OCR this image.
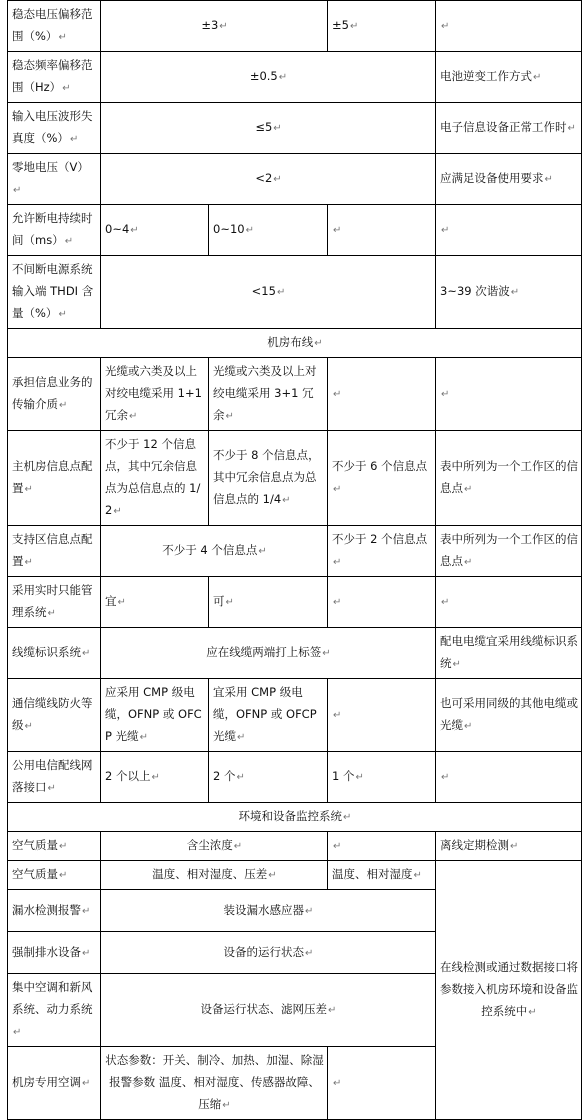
稳态电压偏移范围（%）↵	±3↵		±5↵	↵
稳态频率偏移范围（Hz）↵	±0.5↵			电池逆变工作方式↵
输入电压波形失真度（%）↵	≤5↵			电子信息设备正常工作时↵
零地电压（V）↵	<2↵			应满足设备使用要求↵
允许断电持续时间（ms）↵	0~4↵	0~10↵	↵	↵
不间断电源系统输入端 THDI 含量（%）↵	<15↵			3~39 次谐波↵
机房布线↵				
承担信息业务的传输介质↵	光缆或六类及以上对绞电缆采用 1+1 冗余↵	光缆或六类及以上对绞电缆采用 3+1 冗余↵	↵	↵
主机房信息点配置↵	不少于 12 个信息点，其中冗余信息点为总信息点的 1/2↵	不少于 8 个信息点，其中冗余信息点为总信息点的 1/4↵	不少于 6 个信息点↵	表中所列为一个工作区的信息点↵
支持区信息点配置↵	不少于 4 个信息点↵		不少于 2 个信息点↵	表中所列为一个工作区的信息点↵
采用实时只能管理系统↵	宜↵	可↵	↵	↵
线缆标识系统↵	应在线缆两端打上标签↵			配电电缆宜采用线缆标识系统↵
通信缆线防火等级↵	应采用 CMP 级电缆，OFNP 或 OFCP 光缆↵	宜采用 CMP 级电缆，OFNP 或 OFCP 光缆↵	↵	也可采用同级的其他电缆或光缆↵
公用电信配线网落接口↵	2 个以上↵	2 个↵	1 个↵	↵
环境和设备监控系统↵				
空气质量↵	含尘浓度↵		↵	离线定期检测↵
空气质量↵	温度、相对湿度、压差↵		温度、相对湿度↵	在线检测或通过数据接口将参数接入机房环境和设备监控系统中↵
漏水检测报警↵	装设漏水感应器↵			
强制排水设备↵	设备的运行状态↵			
集中空调和新风系统、动力系统↵	设备运行状态、滤网压差↵			
机房专用空调↵	状态参数：开关、制冷、加热、加湿、除湿报警参数 温度、相对湿度、传感器故障、压缩↵		↵	
